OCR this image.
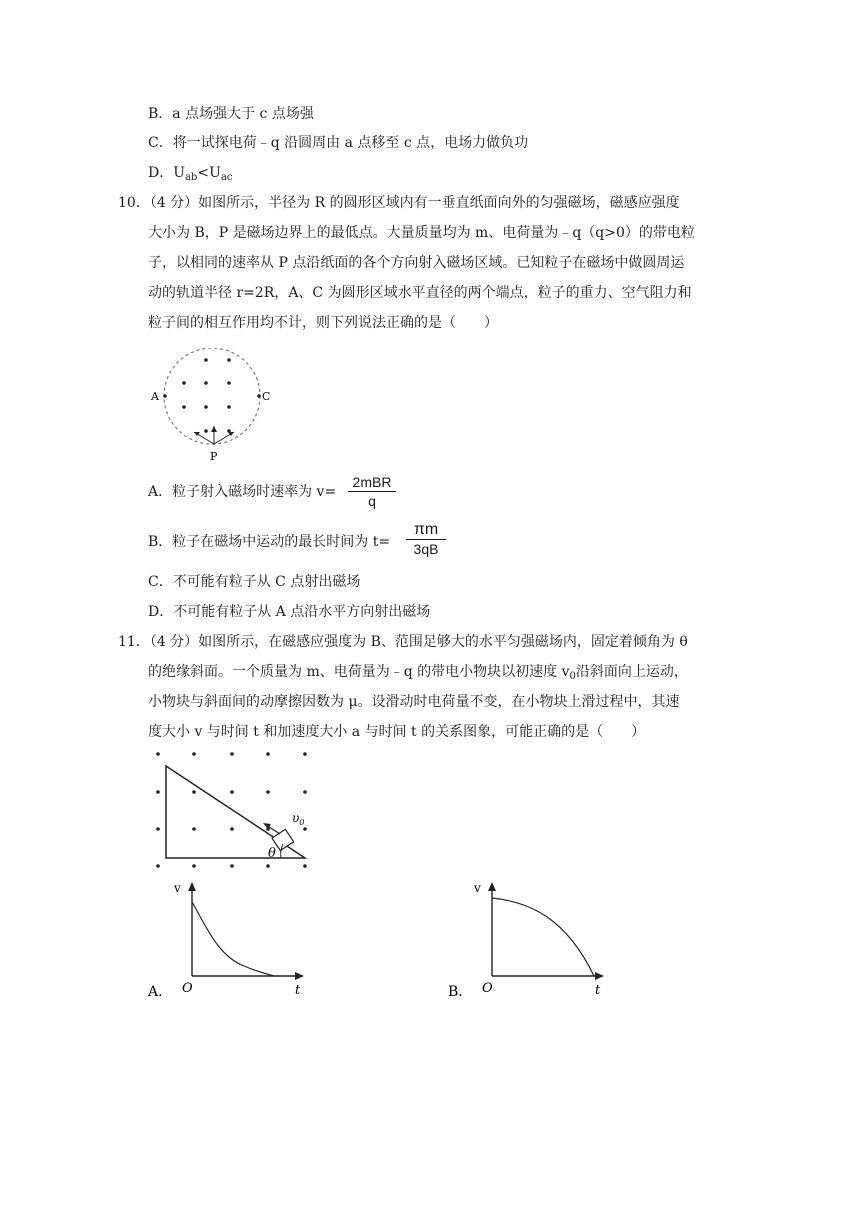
B．a 点场强大于 c 点场强
C．将一试探电荷﹣q 沿圆周由 a 点移至 c 点，电场力做负功
D．$U_{ab}<U_{ac}$
10．（4 分）如图所示，半径为 R 的圆形区域内有一垂直纸面向外的匀强磁场，磁感应强度
大小为 B，P 是磁场边界上的最低点。大量质量均为 m、电荷量为﹣q（q>0）的带电粒
子，以相同的速率从 P 点沿纸面的各个方向射入磁场区域。已知粒子在磁场中做圆周运
动的轨道半径 r=2R，A、C 为圆形区域水平直径的两个端点，粒子的重力、空气阻力和
粒子间的相互作用均不计，则下列说法正确的是（　　）
A	C
P
A．粒子射入磁场时速率为 v=
2mBR
q
B．粒子在磁场中运动的最长时间为 t=
πm
3qB
C．不可能有粒子从 C 点射出磁场
D．不可能有粒子从 A 点沿水平方向射出磁场
11．（4 分）如图所示，在磁感应强度为 B、范围足够大的水平匀强磁场内，固定着倾角为 θ
的绝缘斜面。一个质量为 m、电荷量为﹣q 的带电小物块以初速度 $v_0$沿斜面向上运动，
小物块与斜面间的动摩擦因数为 μ。设滑动时电荷量不变，在小物块上滑过程中，其速
度大小 v 与时间 t 和加速度大小 a 与时间 t 的关系图象，可能正确的是（　　）
$\upsilon_0$
θ
v
t
O
A．
v
t
O
B．
